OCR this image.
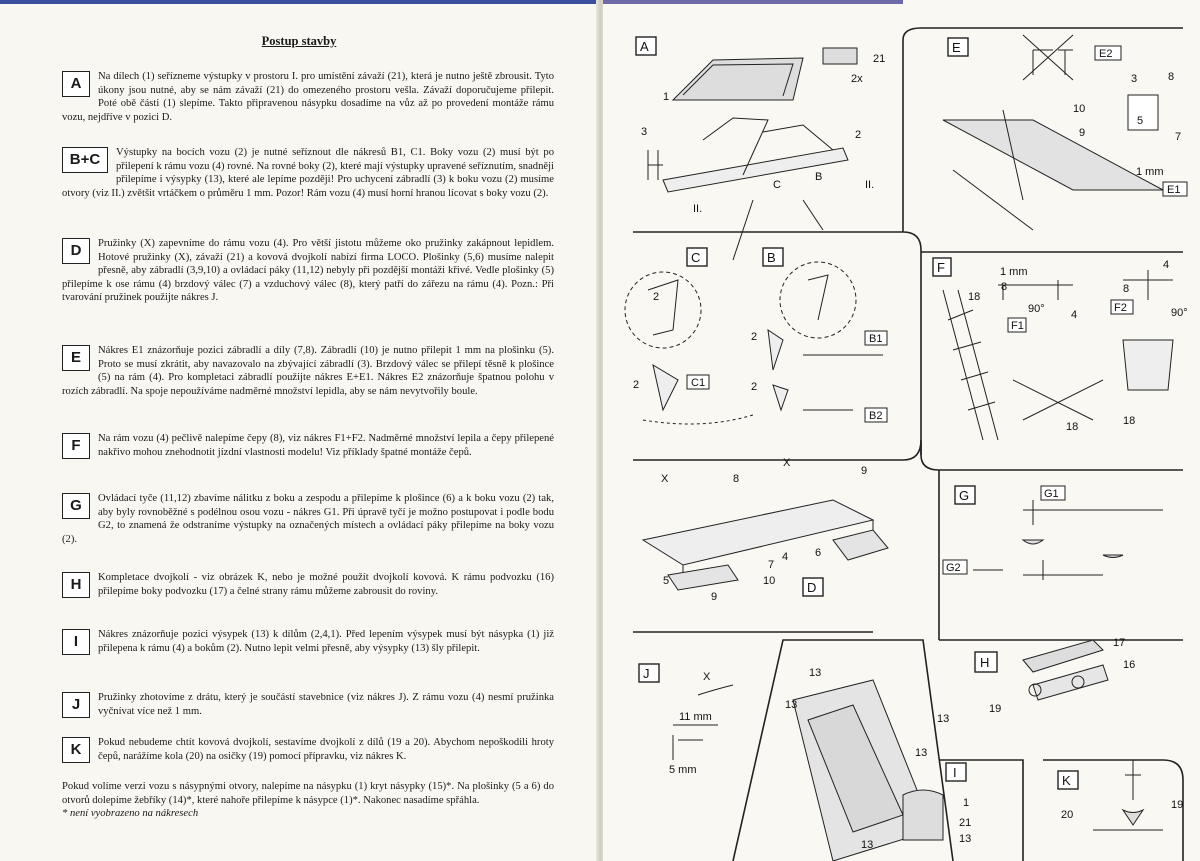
Postup stavby
A	Na dílech (1) seřízneme výstupky v prostoru I. pro umístění závaží (21), která je nutno ještě zbrousit. Tyto úkony jsou nutné, aby se nám závaží (21) do omezeného prostoru vešla. Závaží doporučujeme přilepit. Poté obě části (1) slepíme. Takto připravenou násypku dosadíme na vůz až po provedení montáže rámu vozu, nejdříve v pozici D.

B+C	Výstupky na bocích vozu (2) je nutné seříznout dle nákresů B1, C1. Boky vozu (2) musí být po přilepení k rámu vozu (4) rovné. Na rovné boky (2), které mají výstupky upravené seříznutím, snadněji přilepíme i výsypky (13), které ale lepíme později! Pro uchycení zábradlí (3) k boku vozu (2) musíme otvory (viz II.) zvětšit vrtáčkem o průměru 1 mm. Pozor! Rám vozu (4) musí horní hranou lícovat s boky vozu (2).

D	Pružinky (X) zapevníme do rámu vozu (4). Pro větší jistotu můžeme oko pružinky zakápnout lepidlem. Hotové pružinky (X), závaží (21) a kovová dvojkolí nabízí firma LOCO. Plošinky (5,6) musíme nalepit přesně, aby zábradlí (3,9,10) a ovládací páky (11,12) nebyly při pozdější montáži křivé. Vedle plošinky (5) přilepíme k ose rámu (4) brzdový válec (7) a vzduchový válec (8), který patří do zářezu na rámu (4). Pozn.: Při tvarování pružinek použijte nákres J.

E	Nákres E1 znázorňuje pozici zábradlí a díly (7,8). Zábradlí (10) je nutno přilepit 1 mm na plošinku (5). Proto se musí zkrátit, aby navazovalo na zbývající zábradlí (3). Brzdový válec se přilepí těsně k plošince (5) na rám (4). Pro kompletaci zábradlí použijte nákres E+E1. Nákres E2 znázorňuje špatnou polohu v rozích zábradlí. Na spoje nepoužíváme nadměrné množství lepidla, aby se nám nevytvořily boule.

F	Na rám vozu (4) pečlivě nalepíme čepy (8), viz nákres F1+F2. Nadměrné množství lepila a čepy přilepené nakřivo mohou znehodnotit jízdní vlastnosti modelu! Viz příklady špatné montáže čepů.

G	Ovládací tyče (11,12) zbavíme nálitku z boku a zespodu a přilepíme k plošince (6) a k boku vozu (2) tak, aby byly rovnoběžné s podélnou osou vozu - nákres G1. Při úpravě tyčí je možno postupovat i podle bodu G2, to znamená že odstraníme výstupky na označených místech a ovládací páky přilepíme na boky vozu (2).

H	Kompletace dvojkolí - viz obrázek K, nebo je možné použít dvojkolí kovová. K rámu podvozku (16) přilepíme boky podvozku (17) a čelné strany rámu můžeme zabrousit do roviny.

I	Nákres znázorňuje pozici výsypek (13) k dílům (2,4,1). Před lepením výsypek musí být násypka (1) již přilepena k rámu (4) a bokům (2). Nutno lepit velmi přesně, aby výsypky (13) šly přilepit.

J	Pružinky zhotovíme z drátu, který je součástí stavebnice (viz nákres J). Z rámu vozu (4) nesmí pružinka vyčnívat více než 1 mm.

K	Pokud nebudeme chtít kovová dvojkolí, sestavíme dvojkolí z dílů (19 a 20). Abychom nepoškodili hroty čepů, narážíme kola (20) na osičky (19) pomocí přípravku, viz nákres K.

Pokud volíme verzi vozu s násypnými otvory, nalepíme na násypku (1) kryt násypky (15)*. Na plošinky (5 a 6) do otvorů dolepíme žebříky (14)*, které nahoře přilepíme k násypce (1)*. Nakonec nasadíme spřáhla.

* není vyobrazeno na nákresech

A
1
21
2x
3	2
II.
II.
C
B
E	E2
E1
3	8
10
5
9	7
1 mm
C
C1
2
2
B
B1
B2
2
2
F
F1
F2
18
1 mm
8
90° 4
4
8
90°
18	18
D
X	8
X
9
7
4 6
5	10
9
G	G1
G2
H
17
16
19
J	X
11 mm
5 mm	I
13
13
13
13
1
21
13
13
K
20
19
